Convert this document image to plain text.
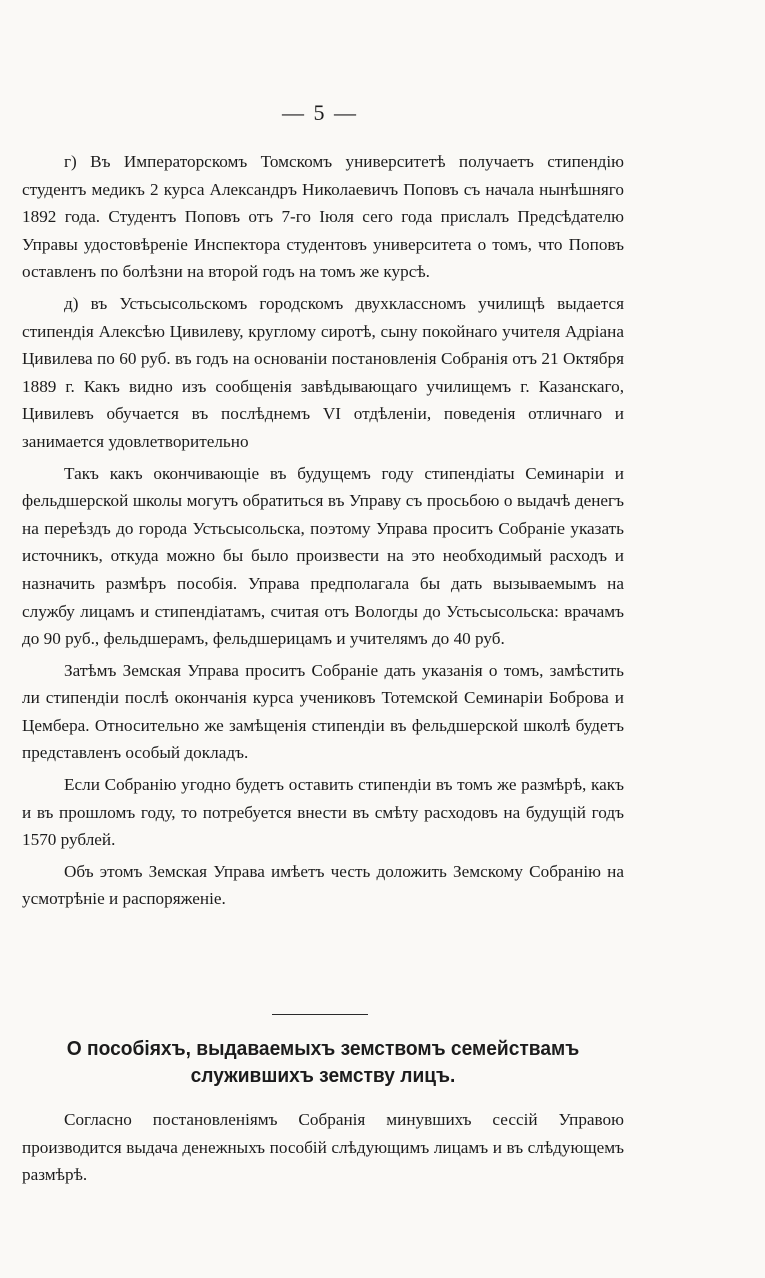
— 5 —

г) Въ Императорскомъ Томскомъ университетѣ получаетъ стипендію студентъ медикъ 2 курса Александръ Николаевичъ Поповъ съ начала нынѣшняго 1892 года. Студентъ Поповъ отъ 7-го Іюля сего года прислалъ Предсѣдателю Управы удостовѣреніе Инспектора студентовъ университета о томъ, что Поповъ оставленъ по болѣзни на второй годъ на томъ же курсѣ.

д) въ Устьсысольскомъ городскомъ двухклассномъ училищѣ выдается стипендія Алексѣю Цивилеву, круглому сиротѣ, сыну покойнаго учителя Адріана Цивилева по 60 руб. въ годъ на основаніи постановленія Собранія отъ 21 Октября 1889 г. Какъ видно изъ сообщенія завѣдывающаго училищемъ г. Казанскаго, Цивилевъ обучается въ послѣднемъ VI отдѣленіи, поведенія отличнаго и занимается удовлетворительно

Такъ какъ окончивающіе въ будущемъ году стипендіаты Семинаріи и фельдшерской школы могутъ обратиться въ Управу съ просьбою о выдачѣ денегъ на переѣздъ до города Устьсысольска, поэтому Управа проситъ Собраніе указать источникъ, откуда можно бы было произвести на это необходимый расходъ и назначить размѣръ пособія. Управа предполагала бы дать вызываемымъ на службу лицамъ и стипендіатамъ, считая отъ Вологды до Устьсысольска: врачамъ до 90 руб., фельдшерамъ, фельдшерицамъ и учителямъ до 40 руб.

Затѣмъ Земская Управа проситъ Собраніе дать указанія о томъ, замѣстить ли стипендіи послѣ окончанія курса учениковъ Тотемской Семинаріи Боброва и Цембера. Относительно же замѣщенія стипендіи въ фельдшерской школѣ будетъ представленъ особый докладъ.

Если Собранію угодно будетъ оставить стипендіи въ томъ же размѣрѣ, какъ и въ прошломъ году, то потребуется внести въ смѣту расходовъ на будущій годъ 1570 рублей.

Объ этомъ Земская Управа имѣетъ честь доложить Земскому Собранію на усмотрѣніе и распоряженіе.

О пособіяхъ, выдаваемыхъ земствомъ семействамъ служившихъ земству лицъ.

Согласно постановленіямъ Собранія минувшихъ сессій Управою производится выдача денежныхъ пособій слѣдующимъ лицамъ и въ слѣдующемъ размѣрѣ.
